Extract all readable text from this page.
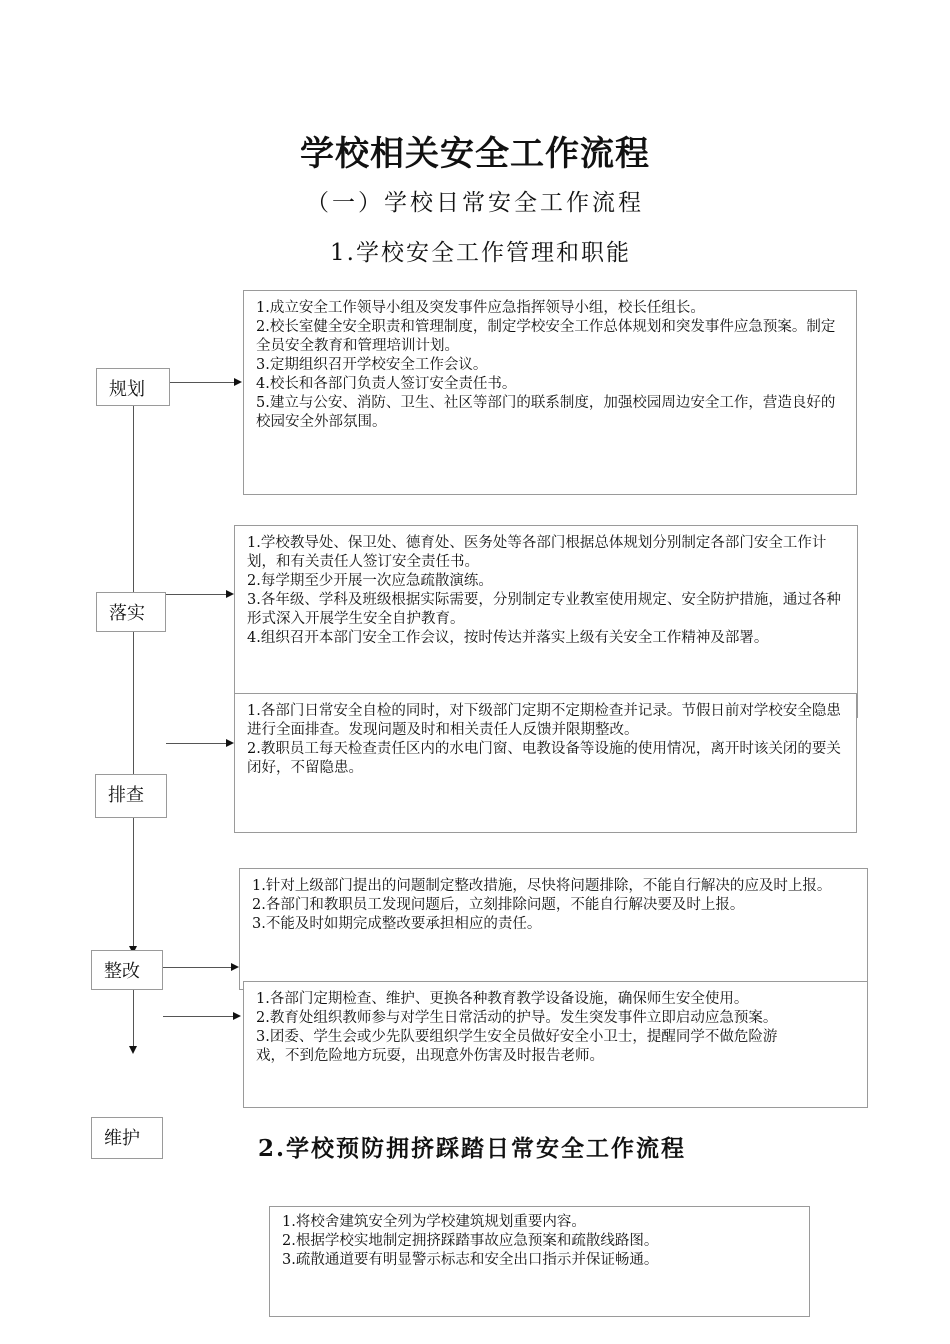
学校相关安全工作流程
（一）学校日常安全工作流程
1.学校安全工作管理和职能
规划
落实
排查
整改
维护

1.成立安全工作领导小组及突发事件应急指挥领导小组，校长任组长。

2.校长室健全安全职责和管理制度，制定学校安全工作总体规划和突发事件应急预案。制定全员安全教育和管理培训计划。

3.定期组织召开学校安全工作会议。

4.校长和各部门负责人签订安全责任书。

5.建立与公安、消防、卫生、社区等部门的联系制度，加强校园周边安全工作，营造良好的校园安全外部氛围。

1.学校教导处、保卫处、德育处、医务处等各部门根据总体规划分别制定各部门安全工作计划，和有关责任人签订安全责任书。

2.每学期至少开展一次应急疏散演练。

3.各年级、学科及班级根据实际需要，分别制定专业教室使用规定、安全防护措施，通过各种形式深入开展学生安全自护教育。

4.组织召开本部门安全工作会议，按时传达并落实上级有关安全工作精神及部署。

1.各部门日常安全自检的同时，对下级部门定期不定期检查并记录。节假日前对学校安全隐患进行全面排查。发现问题及时和相关责任人反馈并限期整改。

2.教职员工每天检查责任区内的水电门窗、电教设备等设施的使用情况，离开时该关闭的要关闭好，不留隐患。

1.针对上级部门提出的问题制定整改措施，尽快将问题排除，不能自行解决的应及时上报。

2.各部门和教职员工发现问题后，立刻排除问题，不能自行解决要及时上报。

3.不能及时如期完成整改要承担相应的责任。

1.各部门定期检查、维护、更换各种教育教学设备设施，确保师生安全使用。

2.教育处组织教师参与对学生日常活动的护导。发生突发事件立即启动应急预案。

3.团委、学生会或少先队要组织学生安全员做好安全小卫士，提醒同学不做危险游

戏，不到危险地方玩耍，出现意外伤害及时报告老师。

2.学校预防拥挤踩踏日常安全工作流程

1.将校舍建筑安全列为学校建筑规划重要内容。

2.根据学校实地制定拥挤踩踏事故应急预案和疏散线路图。

3.疏散通道要有明显警示标志和安全出口指示并保证畅通。
